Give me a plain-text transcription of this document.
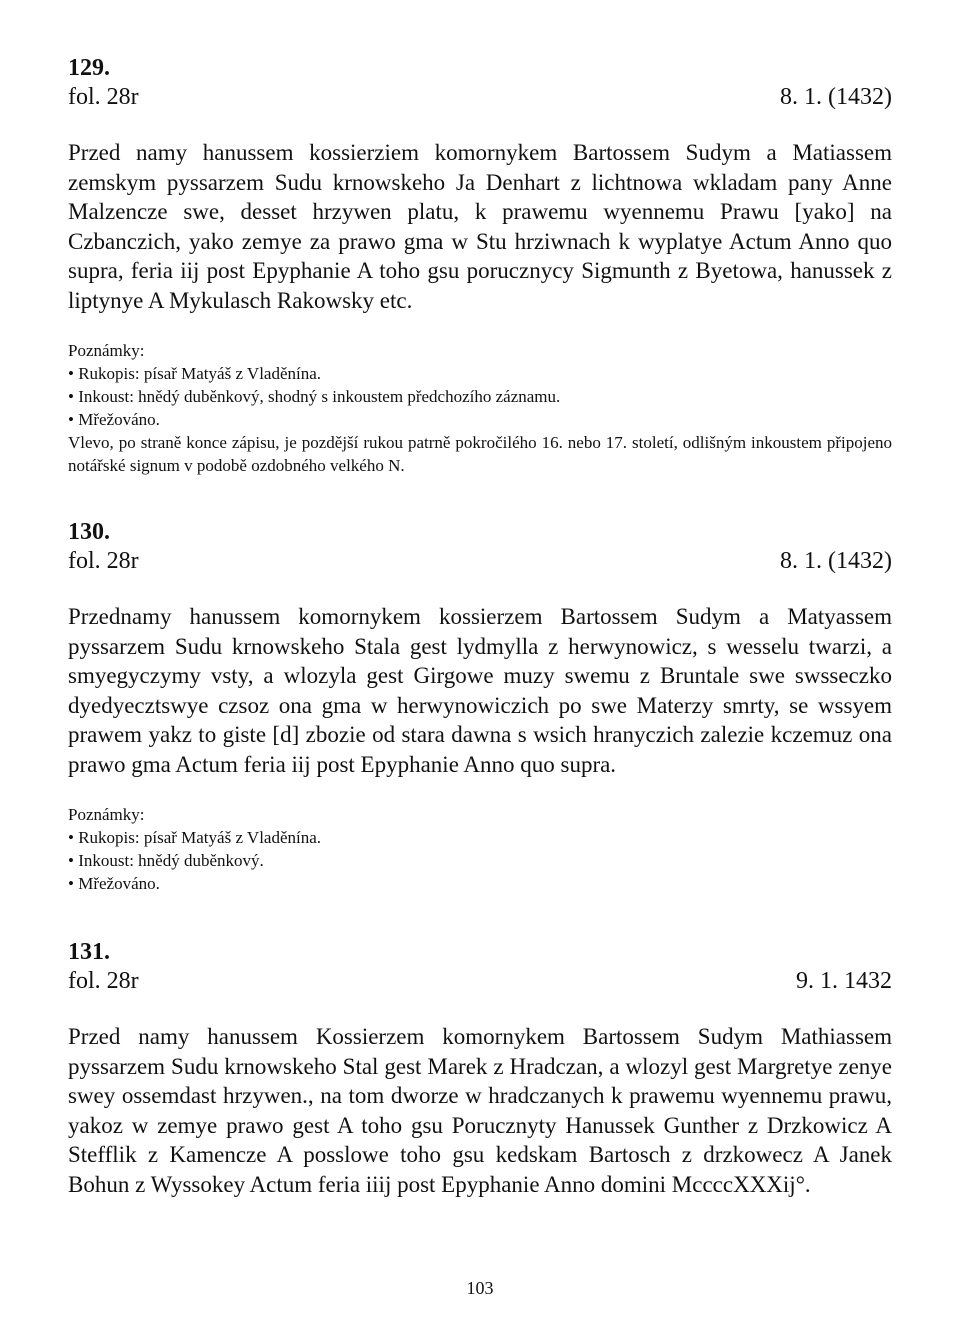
129.
fol. 28r	8. 1. (1432)

Przed namy hanussem kossierziem komornykem Bartossem Sudym a Matiassem zemskym pyssarzem Sudu krnowskeho Ja Denhart z lichtnowa wkladam pany Anne Malzencze swe, desset hrzywen platu, k prawemu wyennemu Prawu [yako] na Czbanczich, yako zemye za prawo gma w Stu hrziwnach k wyplatye Actum Anno quo supra, feria iij post Epyphanie A toho gsu porucznycy Sigmunth z Byetowa, hanussek z liptynye A Mykulasch Rakowsky etc.

Poznámky:
• Rukopis: písař Matyáš z Vladěnína.
• Inkoust: hnědý duběnkový, shodný s inkoustem předchozího záznamu.
• Mřežováno.
Vlevo, po straně konce zápisu, je pozdější rukou patrně pokročilého 16. nebo 17. století, odlišným inkoustem připojeno notářské signum v podobě ozdobného velkého N.
130.
fol. 28r	8. 1. (1432)

Przednamy hanussem komornykem kossierzem Bartossem Sudym a Matyassem pyssarzem Sudu krnowskeho Stala gest lydmylla z herwynowicz, s wesselu twarzi, a smyegyczymy vsty, a wlozyla gest Girgowe muzy swemu z Bruntale swe swsseczko dyedyecztswye czsoz ona gma w herwynowiczich po swe Materzy smrty, se wssyem prawem yakz to giste [d] zbozie od stara dawna s wsich hranyczich zalezie kczemuz ona prawo gma Actum feria iij post Epyphanie Anno quo supra.

Poznámky:
• Rukopis: písař Matyáš z Vladěnína.
• Inkoust: hnědý duběnkový.
• Mřežováno.
131.
fol. 28r	9. 1. 1432

Przed namy hanussem Kossierzem komornykem Bartossem Sudym Mathiassem pyssarzem Sudu krnowskeho Stal gest Marek z Hradczan, a wlozyl gest Margretye zenye swey ossemdast hrzywen., na tom dworze w hradczanych k prawemu wyennemu prawu, yakoz w zemye prawo gest A toho gsu Porucznyty Hanussek Gunther z Drzkowicz A Stefflik z Kamencze A posslowe toho gsu kedskam Bartosch z drzkowecz A Janek Bohun z Wyssokey Actum feria iiij post Epyphanie Anno domini MccccXXXij°.

103
